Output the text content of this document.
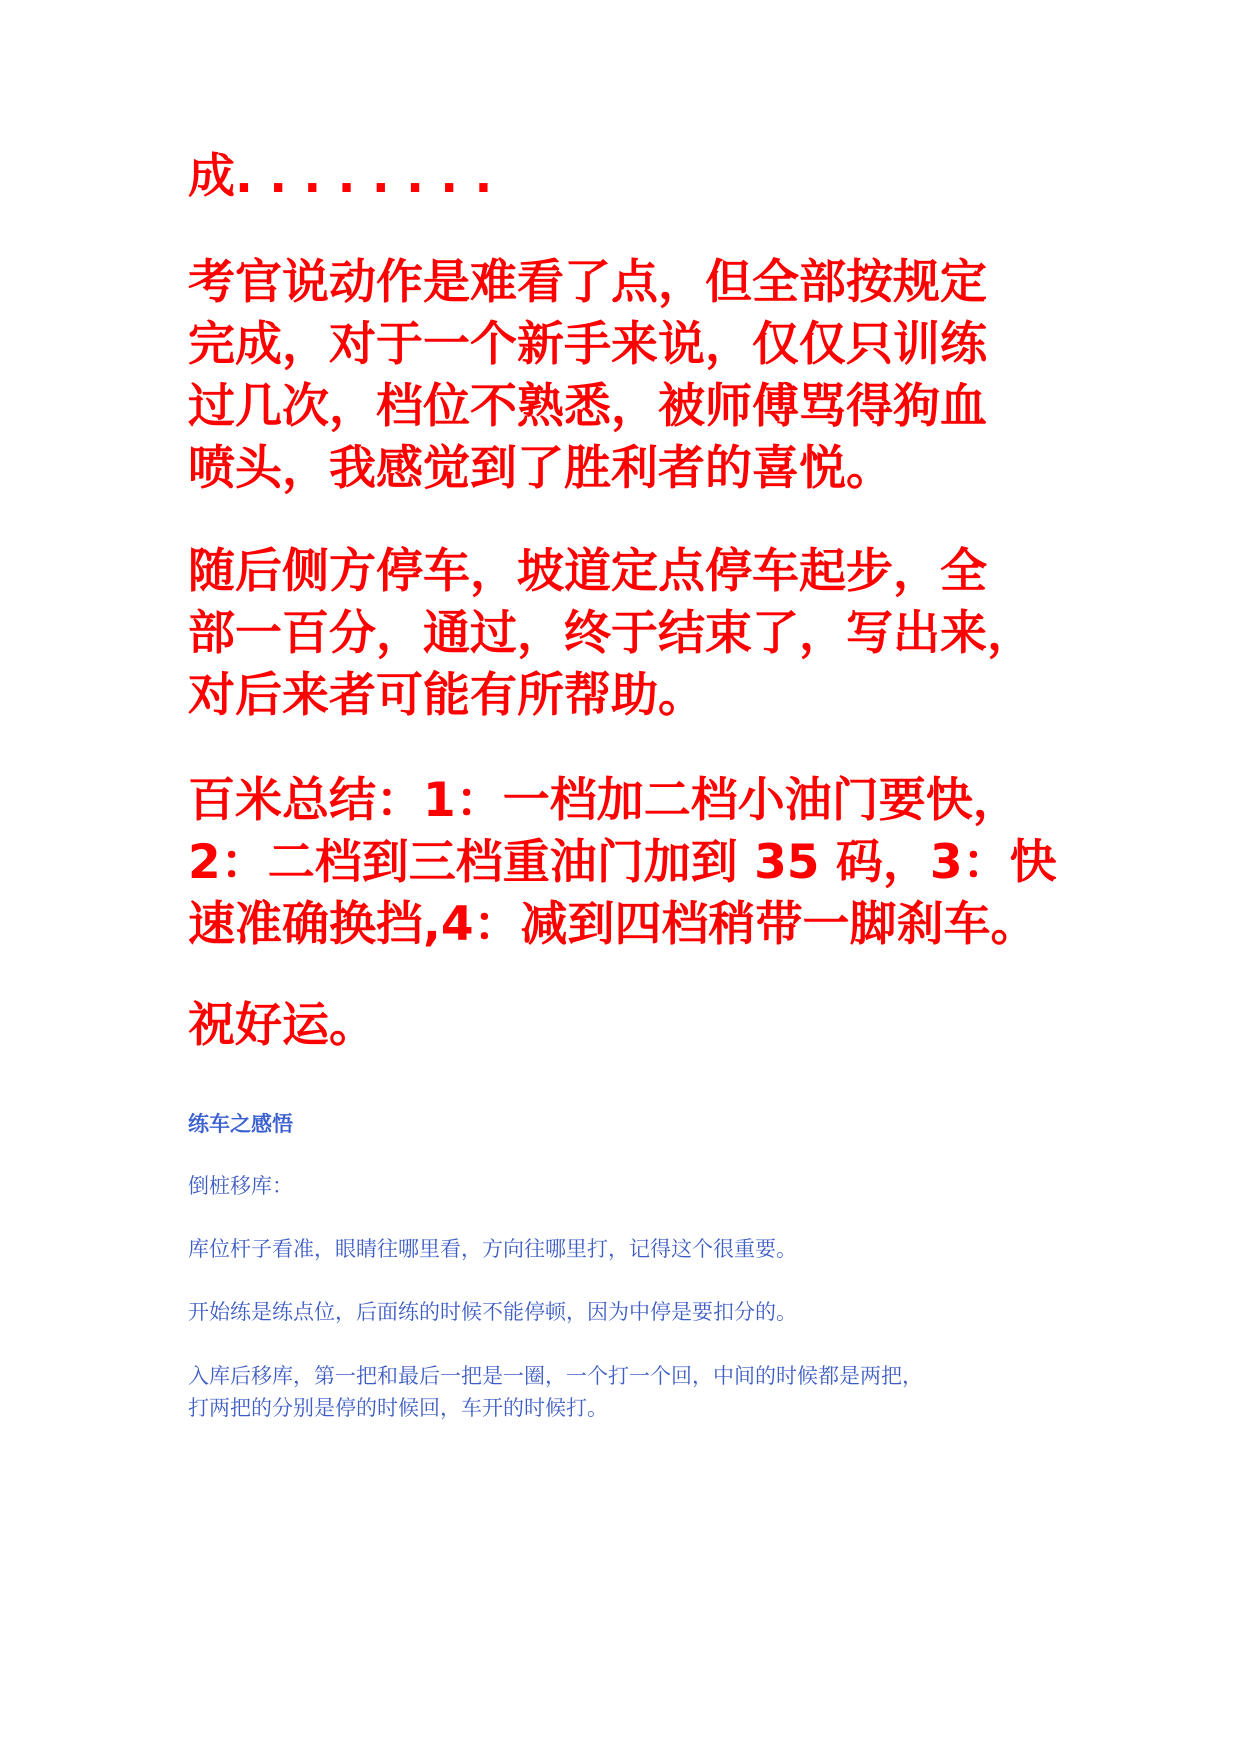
成. . . . . . . .
考官说动作是难看了点，但全部按规定
完成，对于一个新手来说，仅仅只训练
过几次，档位不熟悉，被师傅骂得狗血
喷头，我感觉到了胜利者的喜悦。
随后侧方停车，坡道定点停车起步，全
部一百分，通过，终于结束了，写出来，
对后来者可能有所帮助。
百米总结：1：一档加二档小油门要快，
2：二档到三档重油门加到 35 码，3：快
速准确换挡,4：减到四档稍带一脚刹车。
祝好运。
练车之感悟
倒桩移库：
库位杆子看准，眼睛往哪里看，方向往哪里打，记得这个很重要。
开始练是练点位，后面练的时候不能停顿，因为中停是要扣分的。
入库后移库，第一把和最后一把是一圈，一个打一个回，中间的时候都是两把，
打两把的分别是停的时候回，车开的时候打。
